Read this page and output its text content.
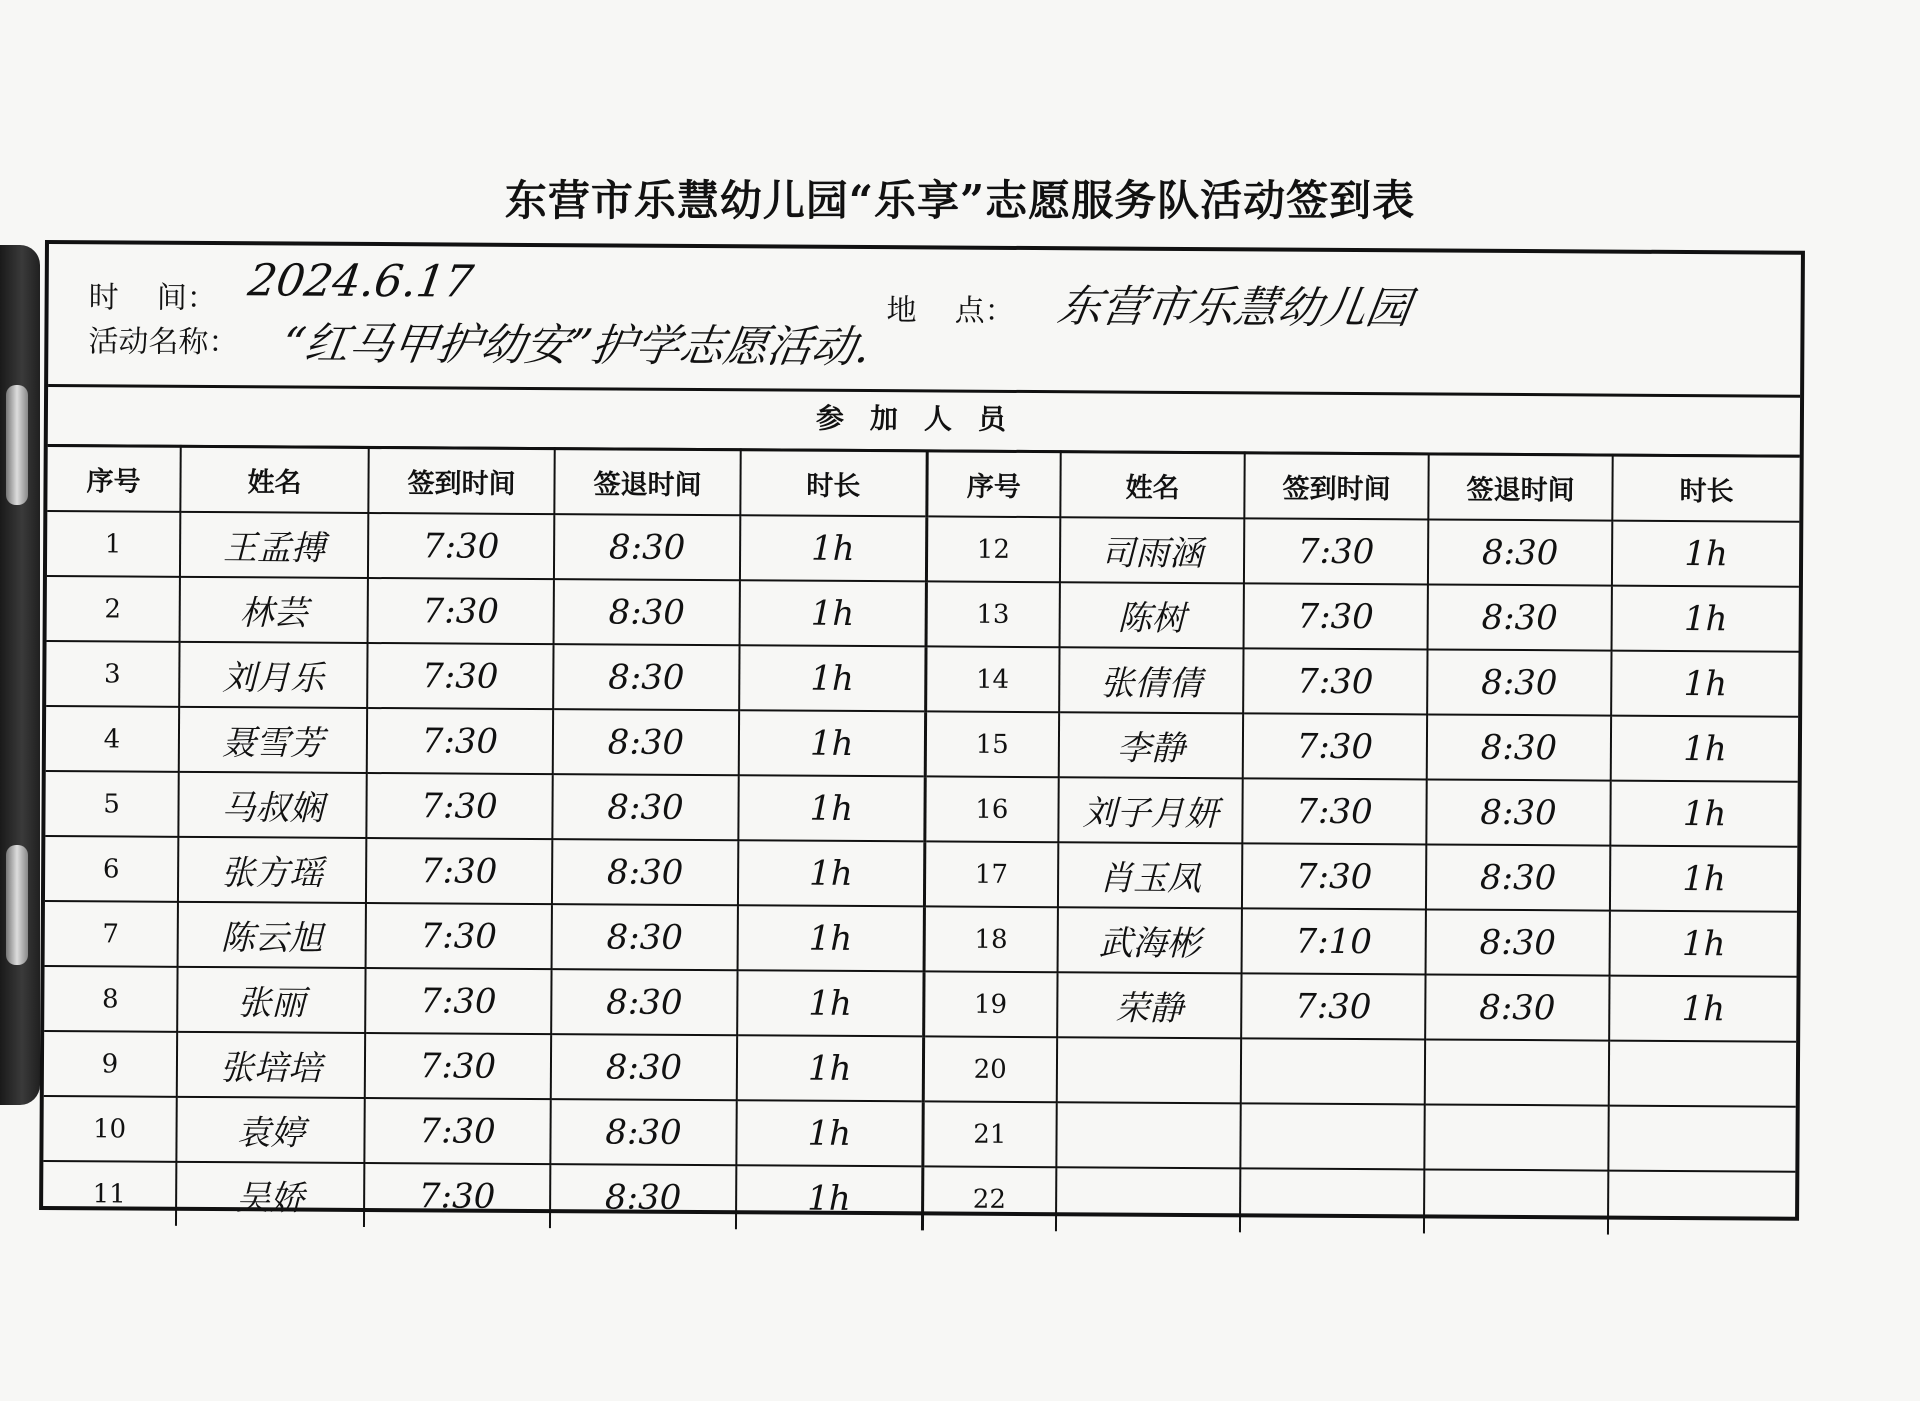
东营市乐慧幼儿园“乐享”志愿服务队活动签到表
时    间： 2024.6.17
地    点： 东营市乐慧幼儿园
活动名称： “红马甲护幼安”护学志愿活动.
参加人员
序号	姓名	签到时间	签退时间	时长	序号	姓名	签到时间	签退时间	时长
1	王孟搏	7:30	8:30	1h	12	司雨涵	7:30	8:30	1h
2	林芸	7:30	8:30	1h	13	陈树	7:30	8:30	1h
3	刘月乐	7:30	8:30	1h	14	张倩倩	7:30	8:30	1h
4	聂雪芳	7:30	8:30	1h	15	李静	7:30	8:30	1h
5	马叔娴	7:30	8:30	1h	16	刘子月妍	7:30	8:30	1h
6	张方瑶	7:30	8:30	1h	17	肖玉凤	7:30	8:30	1h
7	陈云旭	7:30	8:30	1h	18	武海彬	7:10	8:30	1h
8	张丽	7:30	8:30	1h	19	荣静	7:30	8:30	1h
9	张培培	7:30	8:30	1h	20				
10	袁婷	7:30	8:30	1h	21				
11	吴娇	7:30	8:30	1h	22				
